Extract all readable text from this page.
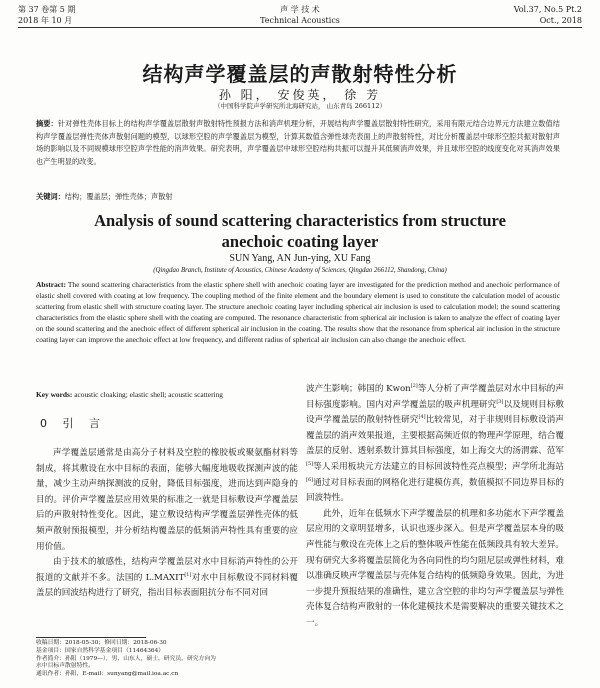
第 37 卷第 5 期
2018 年 10 月
声 学 技 术
Technical Acoustics
Vol.37, No.5 Pt.2
Oct., 2018
结构声学覆盖层的声散射特性分析
孙 阳， 安俊英， 徐 芳
（中国科学院声学研究所北海研究站， 山东青岛 266112）
摘要：针对弹性壳体目标上的结构声学覆盖层散射声散射特性预报方法和消声机理分析，开展结构声学覆盖层散射特性研究，采用有限元结合边界元方法建立数值结构声学覆盖层弹性壳体声散射问题的模型，以球形空腔的声学覆盖层为模型，计算其数值含弹性球壳表面上的声散射特性，对比分析覆盖层中球形空腔共振对散射声场的影响以及不同规模球形空腔声学性能的消声效果。研究表明，声学覆盖层中球形空腔结构共振可以提升其低频消声效果，并且球形空腔的线度变化对其消声效果也产生明显的改变。
关键词：结构；覆盖层；弹性壳体；声散射
Analysis of sound scattering characteristics from structure
anechoic coating layer
SUN Yang, AN Jun-ying, XU Fang
(Qingdao Branch, Institute of Acoustics, Chinese Academy of Sciences, Qingdao 266112, Shandong, China)
Abstract: The sound scattering characteristics from the elastic sphere shell with anechoic coating layer are investigated for the prediction method and anechoic performance of elastic shell covered with coating at low frequency. The coupling method of the finite element and the boundary element is used to constitute the calculation model of acoustic scattering from elastic shell with structure coating layer. The structure anechoic coating layer including spherical air inclusion is used to calculation model; the sound scattering characteristics from the elastic sphere shell with the coating are computed. The resonance characteristic from spherical air inclusion is taken to analyze the effect of coating layer on the sound scattering and the anechoic effect of different spherical air inclusion in the coating. The results show that the resonance from spherical air inclusion in the structure coating layer can improve the anechoic effect at low frequency, and different radius of spherical air inclusion can also change the anechoic effect.
Key words: acoustic cloaking; elastic shell; acoustic scattering
0 引 言

声学覆盖层通常是由高分子材料及空腔的橡胶板或聚氨酯材料等制成，将其敷设在水中目标的表面，能够大幅度地吸收探测声波的能量，减少主动声纳探测波的反射，降低目标强度，进而达到声隐身的目的。评价声学覆盖层应用效果的标准之一就是目标敷设声学覆盖层后的声散射特性变化。因此，建立敷设结构声学覆盖层弹性壳体的低频声散射预报模型，并分析结构覆盖层的低频消声特性具有重要的应用价值。

由于技术的敏感性，结构声学覆盖层对水中目标消声特性的公开报道的文献并不多。法国的 L.MAXIT[1]对水中目标敷设不同材料覆盖层的回波结构进行了研究，指出目标表面阻抗分布不同对回

波产生影响；韩国的 Kwon[2]等人分析了声学覆盖层对水中目标的声目标强度影响。国内对声学覆盖层的吸声机理研究[3]以及规则目标敷设声学覆盖层的散射特性研究[4]比较常见，对于非规则目标敷设消声覆盖层的消声效果报道，主要根据高频近似的物理声学原理，结合覆盖层的反射、透射系数计算其目标强度，如上海交大的汤渭霖、范军[5]等人采用板块元方法建立的目标回波特性亮点模型；声学所北海站[6]通过对目标表面的网格化进行建模仿真，数值模拟不同边界目标的回波特性。

此外，近年在低频水下声学覆盖层的机理和多功能水下声学覆盖层应用的文章明显增多，认识也逐步深入。但是声学覆盖层本身的吸声性能与敷设在壳体上之后的整体吸声性能在低频段具有较大差异。现有研究大多将覆盖层简化为各向同性的均匀阻尼层或弹性材料，难以准确反映声学覆盖层与壳体复合结构的低频隐身效果。因此，为进一步提升预报结果的准确性，建立含空腔的非均匀声学覆盖层与弹性壳体复合结构声散射的一体化建模技术是需要解决的重要关键技术之一。

收稿日期：2018-05-30；修回日期：2018-06-30
基金项目：国家自然科学基金项目（11464364）
作者简介：孙阳（1979—），男，山东人，硕士，研究员，研究方向为
水中目标声散射特性。
通讯作者：孙阳，E-mail：sunyang@mail.ioa.ac.cn
